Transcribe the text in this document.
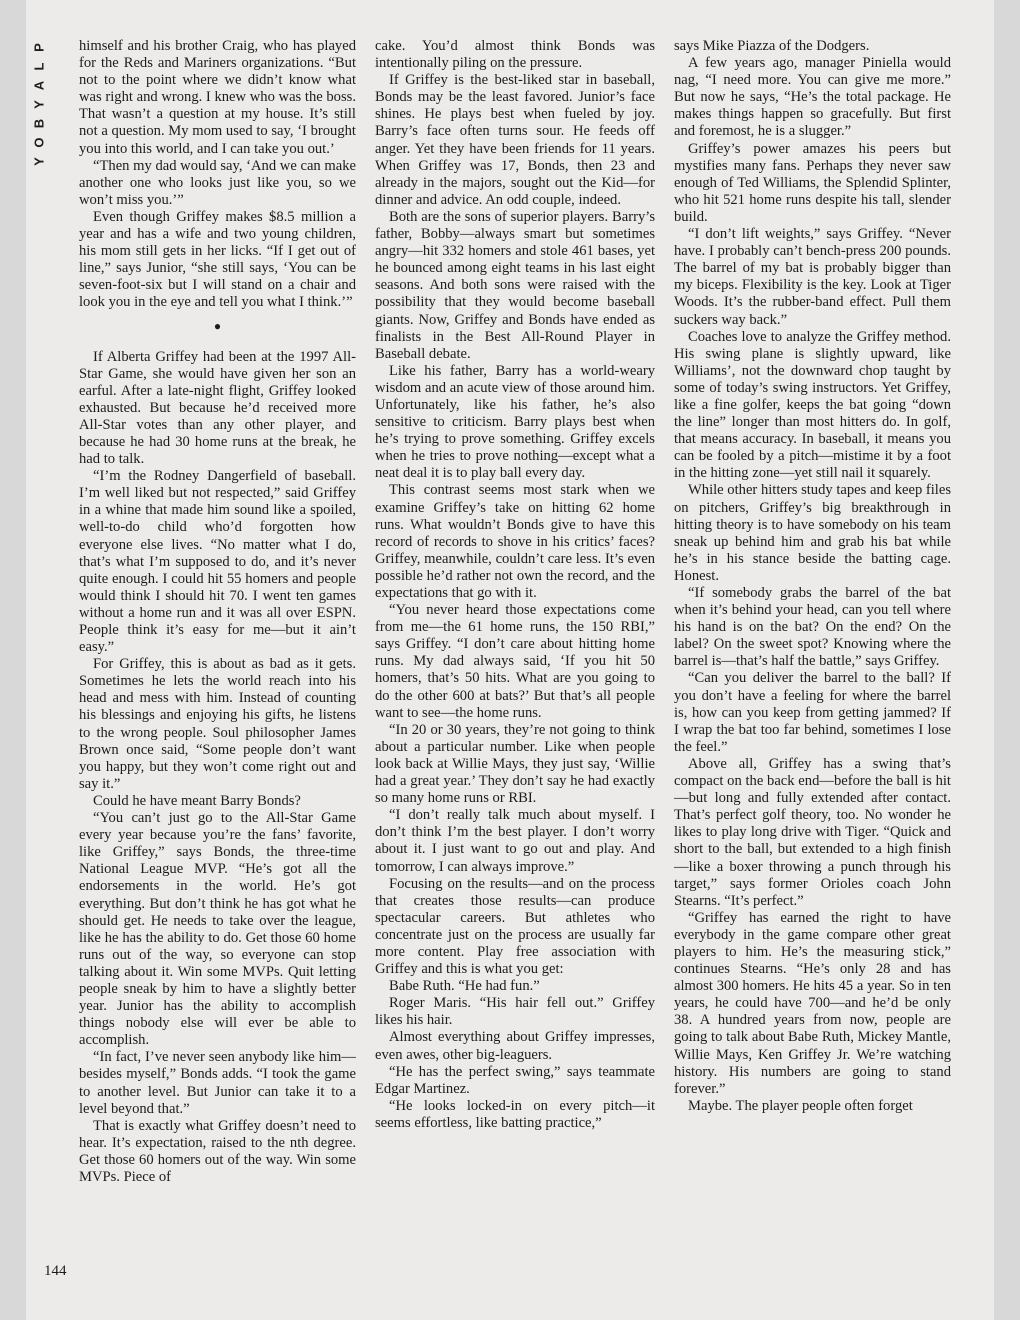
P
L
A
Y
B
O
Y
144

himself and his brother Craig, who has played for the Reds and Mariners organizations. “But not to the point where we didn’t know what was right and wrong. I knew who was the boss. That wasn’t a question at my house. It’s still not a question. My mom used to say, ‘I brought you into this world, and I can take you out.’

“Then my dad would say, ‘And we can make another one who looks just like you, so we won’t miss you.’”

Even though Griffey makes $8.5 million a year and has a wife and two young children, his mom still gets in her licks. “If I get out of line,” says Junior, “she still says, ‘You can be seven-foot-six but I will stand on a chair and look you in the eye and tell you what I think.’”

●

If Alberta Griffey had been at the 1997 All-Star Game, she would have given her son an earful. After a late-night flight, Griffey looked exhausted. But because he’d received more All-Star votes than any other player, and because he had 30 home runs at the break, he had to talk.

“I’m the Rodney Dangerfield of baseball. I’m well liked but not respected,” said Griffey in a whine that made him sound like a spoiled, well-to-do child who’d forgotten how everyone else lives. “No matter what I do, that’s what I’m supposed to do, and it’s never quite enough. I could hit 55 homers and people would think I should hit 70. I went ten games without a home run and it was all over ESPN. People think it’s easy for me—but it ain’t easy.”

For Griffey, this is about as bad as it gets. Sometimes he lets the world reach into his head and mess with him. Instead of counting his blessings and enjoying his gifts, he listens to the wrong people. Soul philosopher James Brown once said, “Some people don’t want you happy, but they won’t come right out and say it.”

Could he have meant Barry Bonds?

“You can’t just go to the All-Star Game every year because you’re the fans’ favorite, like Griffey,” says Bonds, the three-time National League MVP. “He’s got all the endorsements in the world. He’s got everything. But don’t think he has got what he should get. He needs to take over the league, like he has the ability to do. Get those 60 home runs out of the way, so everyone can stop talking about it. Win some MVPs. Quit letting people sneak by him to have a slightly better year. Junior has the ability to accomplish things nobody else will ever be able to accomplish.

“In fact, I’ve never seen anybody like him—besides myself,” Bonds adds. “I took the game to another level. But Junior can take it to a level beyond that.”

That is exactly what Griffey doesn’t need to hear. It’s expectation, raised to the nth degree. Get those 60 homers out of the way. Win some MVPs. Piece of

cake. You’d almost think Bonds was intentionally piling on the pressure.

If Griffey is the best-liked star in baseball, Bonds may be the least favored. Junior’s face shines. He plays best when fueled by joy. Barry’s face often turns sour. He feeds off anger. Yet they have been friends for 11 years. When Griffey was 17, Bonds, then 23 and already in the majors, sought out the Kid—for dinner and advice. An odd couple, indeed.

Both are the sons of superior players. Barry’s father, Bobby—always smart but sometimes angry—hit 332 homers and stole 461 bases, yet he bounced among eight teams in his last eight seasons. And both sons were raised with the possibility that they would become baseball giants. Now, Griffey and Bonds have ended as finalists in the Best All-Round Player in Baseball debate.

Like his father, Barry has a world-weary wisdom and an acute view of those around him. Unfortunately, like his father, he’s also sensitive to criticism. Barry plays best when he’s trying to prove something. Griffey excels when he tries to prove nothing—except what a neat deal it is to play ball every day.

This contrast seems most stark when we examine Griffey’s take on hitting 62 home runs. What wouldn’t Bonds give to have this record of records to shove in his critics’ faces? Griffey, meanwhile, couldn’t care less. It’s even possible he’d rather not own the record, and the expectations that go with it.

“You never heard those expectations come from me—the 61 home runs, the 150 RBI,” says Griffey. “I don’t care about hitting home runs. My dad always said, ‘If you hit 50 homers, that’s 50 hits. What are you going to do the other 600 at bats?’ But that’s all people want to see—the home runs.

“In 20 or 30 years, they’re not going to think about a particular number. Like when people look back at Willie Mays, they just say, ‘Willie had a great year.’ They don’t say he had exactly so many home runs or RBI.

“I don’t really talk much about myself. I don’t think I’m the best player. I don’t worry about it. I just want to go out and play. And tomorrow, I can always improve.”

Focusing on the results—and on the process that creates those results—can produce spectacular careers. But athletes who concentrate just on the process are usually far more content. Play free association with Griffey and this is what you get:

Babe Ruth. “He had fun.”

Roger Maris. “His hair fell out.” Griffey likes his hair.

Almost everything about Griffey impresses, even awes, other big-leaguers.

“He has the perfect swing,” says teammate Edgar Martinez.

“He looks locked-in on every pitch—it seems effortless, like batting practice,”

says Mike Piazza of the Dodgers.

A few years ago, manager Piniella would nag, “I need more. You can give me more.” But now he says, “He’s the total package. He makes things happen so gracefully. But first and foremost, he is a slugger.”

Griffey’s power amazes his peers but mystifies many fans. Perhaps they never saw enough of Ted Williams, the Splendid Splinter, who hit 521 home runs despite his tall, slender build.

“I don’t lift weights,” says Griffey. “Never have. I probably can’t bench-press 200 pounds. The barrel of my bat is probably bigger than my biceps. Flexibility is the key. Look at Tiger Woods. It’s the rubber-band effect. Pull them suckers way back.”

Coaches love to analyze the Griffey method. His swing plane is slightly upward, like Williams’, not the downward chop taught by some of today’s swing instructors. Yet Griffey, like a fine golfer, keeps the bat going “down the line” longer than most hitters do. In golf, that means accuracy. In baseball, it means you can be fooled by a pitch—mistime it by a foot in the hitting zone—yet still nail it squarely.

While other hitters study tapes and keep files on pitchers, Griffey’s big breakthrough in hitting theory is to have somebody on his team sneak up behind him and grab his bat while he’s in his stance beside the batting cage. Honest.

“If somebody grabs the barrel of the bat when it’s behind your head, can you tell where his hand is on the bat? On the end? On the label? On the sweet spot? Knowing where the barrel is—that’s half the battle,” says Griffey.

“Can you deliver the barrel to the ball? If you don’t have a feeling for where the barrel is, how can you keep from getting jammed? If I wrap the bat too far behind, sometimes I lose the feel.”

Above all, Griffey has a swing that’s compact on the back end—before the ball is hit—but long and fully extended after contact. That’s perfect golf theory, too. No wonder he likes to play long drive with Tiger. “Quick and short to the ball, but extended to a high finish—like a boxer throwing a punch through his target,” says former Orioles coach John Stearns. “It’s perfect.”

“Griffey has earned the right to have everybody in the game compare other great players to him. He’s the measuring stick,” continues Stearns. “He’s only 28 and has almost 300 homers. He hits 45 a year. So in ten years, he could have 700—and he’d be only 38. A hundred years from now, people are going to talk about Babe Ruth, Mickey Mantle, Willie Mays, Ken Griffey Jr. We’re watching history. His numbers are going to stand forever.”

Maybe. The player people often forget
